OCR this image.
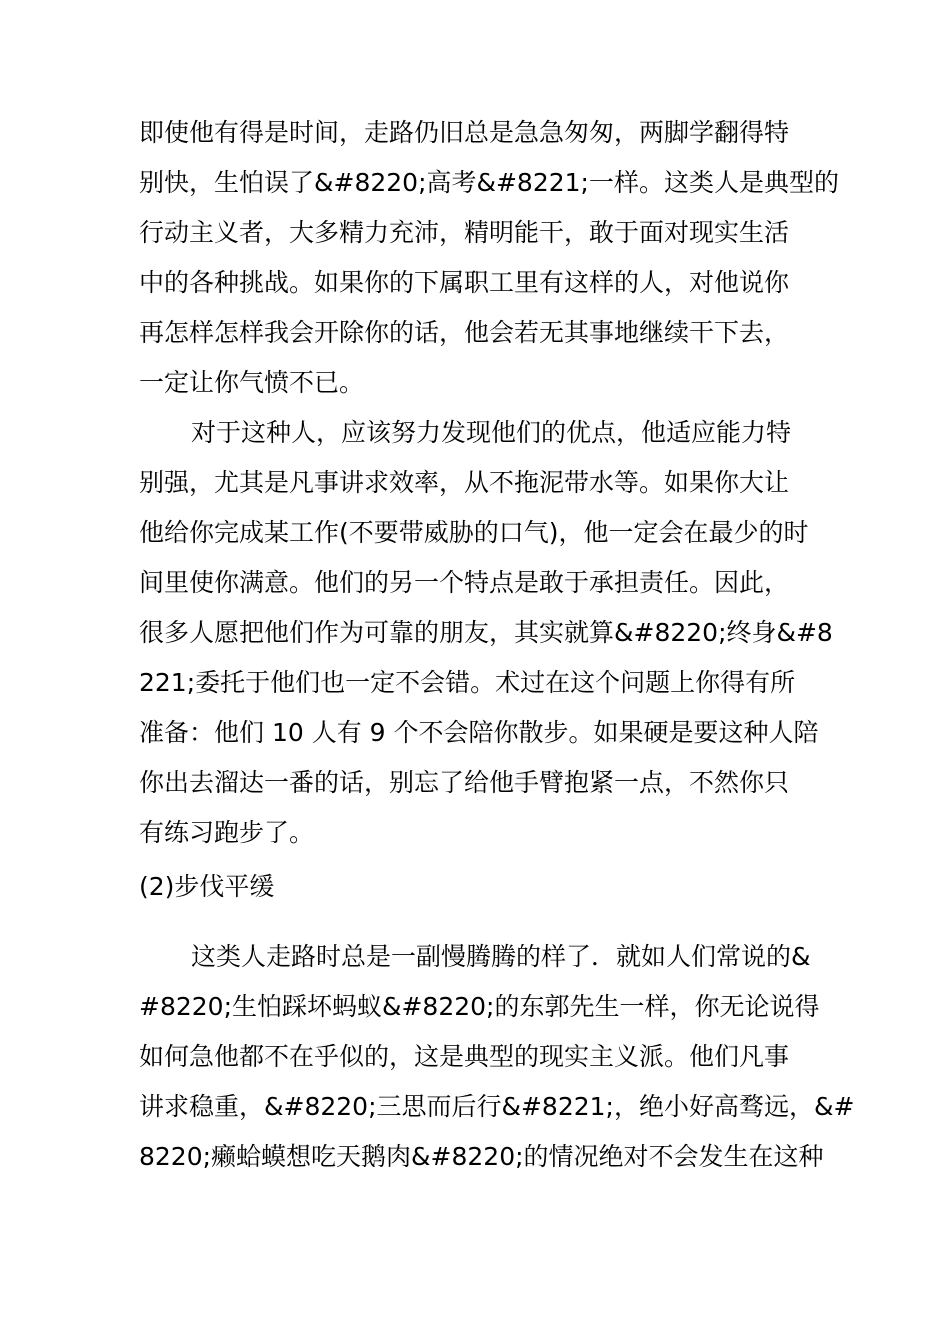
即使他有得是时间，走路仍旧总是急急匆匆，两脚学翻得特
别快，生怕误了&#8220;高考&#8221;一样。这类人是典型的
行动主义者，大多精力充沛，精明能干，敢于面对现实生活
中的各种挑战。如果你的下属职工里有这样的人，对他说你
再怎样怎样我会开除你的话，他会若无其事地继续干下去，
一定让你气愤不已。
对于这种人，应该努力发现他们的优点，他适应能力特
别强，尤其是凡事讲求效率，从不拖泥带水等。如果你大让
他给你完成某工作(不要带威胁的口气)，他一定会在最少的时
间里使你满意。他们的另一个特点是敢于承担责任。因此，
很多人愿把他们作为可靠的朋友，其实就算&#8220;终身&#8
221;委托于他们也一定不会错。术过在这个问题上你得有所
准备：他们 10 人有 9 个不会陪你散步。如果硬是要这种人陪
你出去溜达一番的话，别忘了给他手臂抱紧一点，不然你只
有练习跑步了。
(2)步伐平缓
这类人走路时总是一副慢腾腾的样了．就如人们常说的&
#8220;生怕踩坏蚂蚁&#8220;的东郭先生一样，你无论说得
如何急他都不在乎似的，这是典型的现实主义派。他们凡事
讲求稳重，&#8220;三思而后行&#8221;，绝小好高骛远，&#
8220;癞蛤蟆想吃天鹅肉&#8220;的情况绝对不会发生在这种
